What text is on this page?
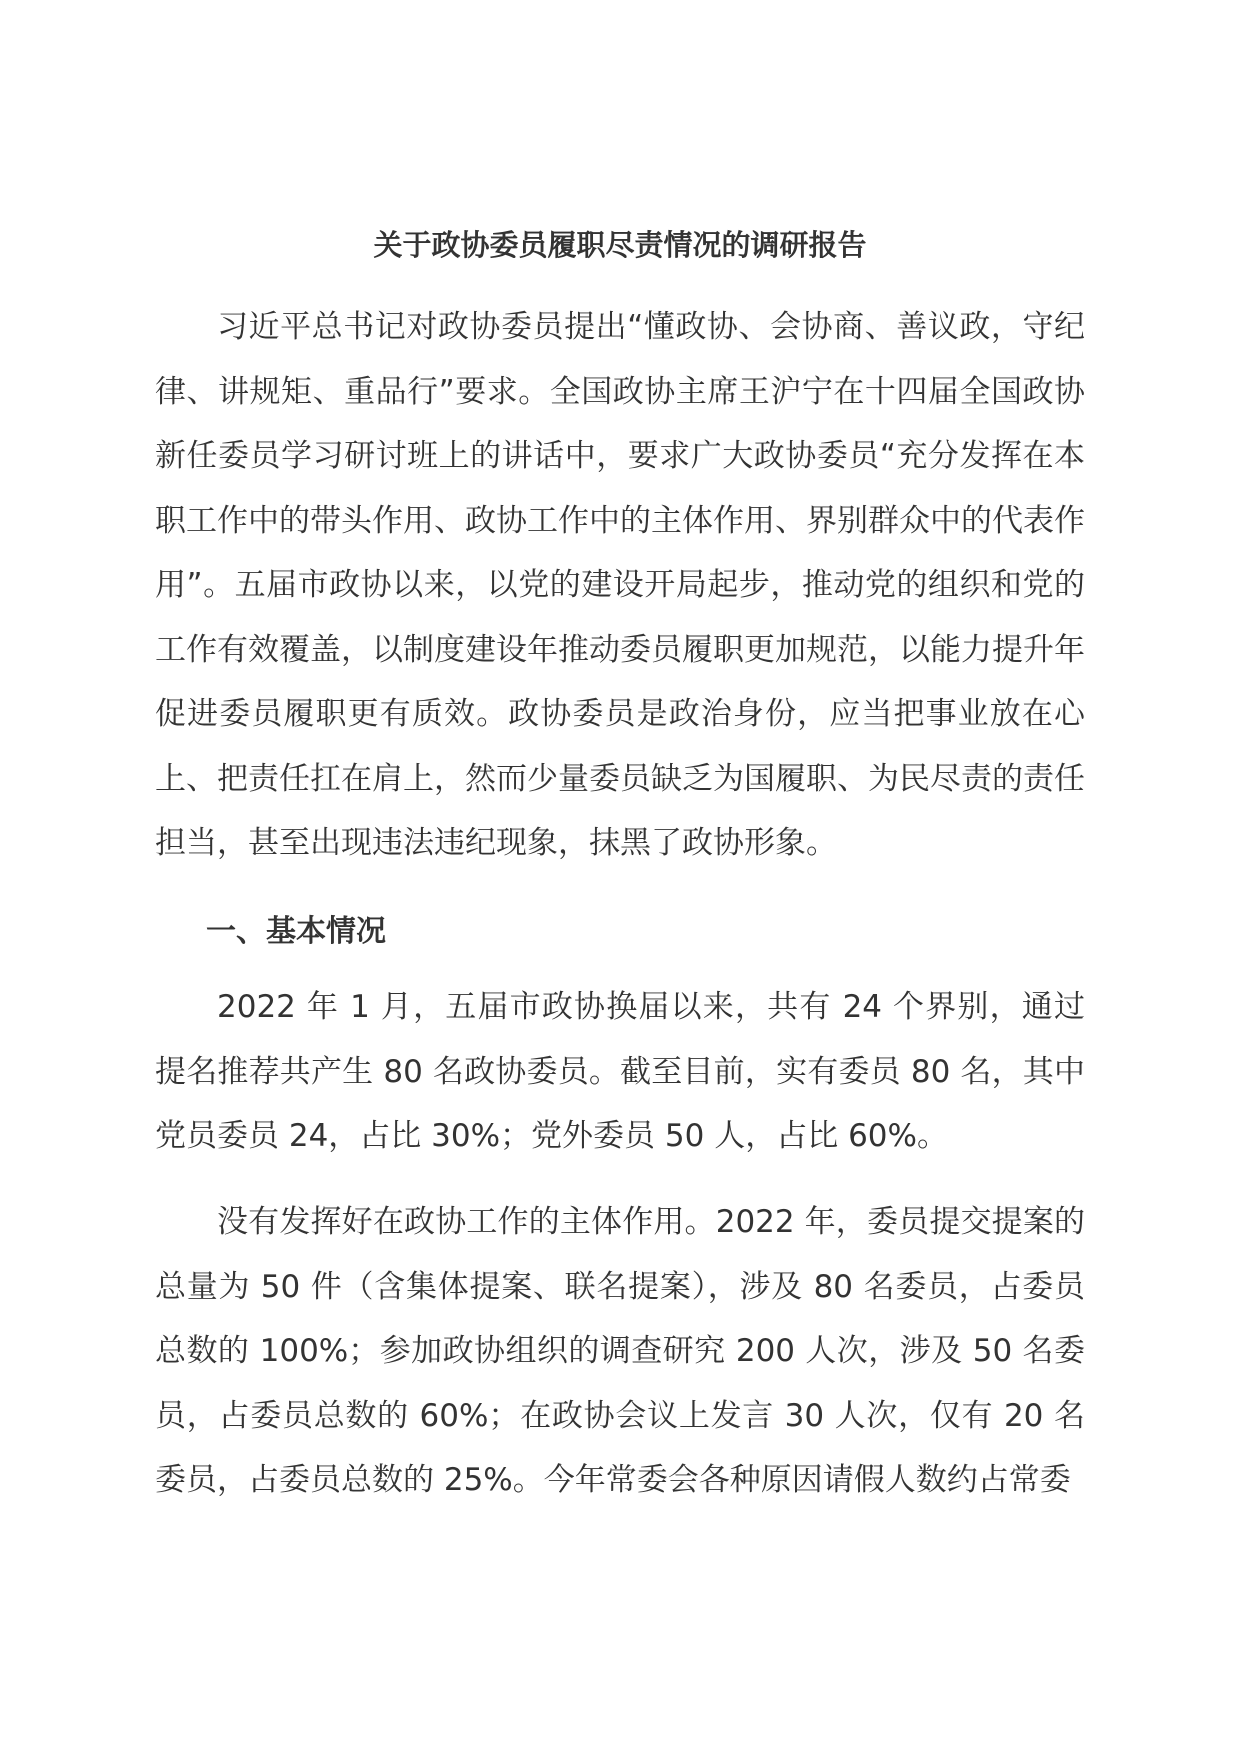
关于政协委员履职尽责情况的调研报告

习近平总书记对政协委员提出“懂政协、会协商、善议政，守纪律、讲规矩、重品行”要求。全国政协主席王沪宁在十四届全国政协新任委员学习研讨班上的讲话中，要求广大政协委员“充分发挥在本职工作中的带头作用、政协工作中的主体作用、界别群众中的代表作用”。五届市政协以来，以党的建设开局起步，推动党的组织和党的工作有效覆盖，以制度建设年推动委员履职更加规范，以能力提升年促进委员履职更有质效。政协委员是政治身份，应当把事业放在心上、把责任扛在肩上，然而少量委员缺乏为国履职、为民尽责的责任担当，甚至出现违法违纪现象，抹黑了政协形象。

一、基本情况

2022 年 1 月，五届市政协换届以来，共有 24 个界别，通过提名推荐共产生 80 名政协委员。截至目前，实有委员 80 名，其中党员委员 24，占比 30%；党外委员 50 人，占比 60%。

没有发挥好在政协工作的主体作用。2022 年，委员提交提案的总量为 50 件（含集体提案、联名提案），涉及 80 名委员，占委员总数的 100%；参加政协组织的调查研究 200 人次，涉及 50 名委员，占委员总数的 60%；在政协会议上发言 30 人次，仅有 20 名委员，占委员总数的 25%。今年常委会各种原因请假人数约占常委
